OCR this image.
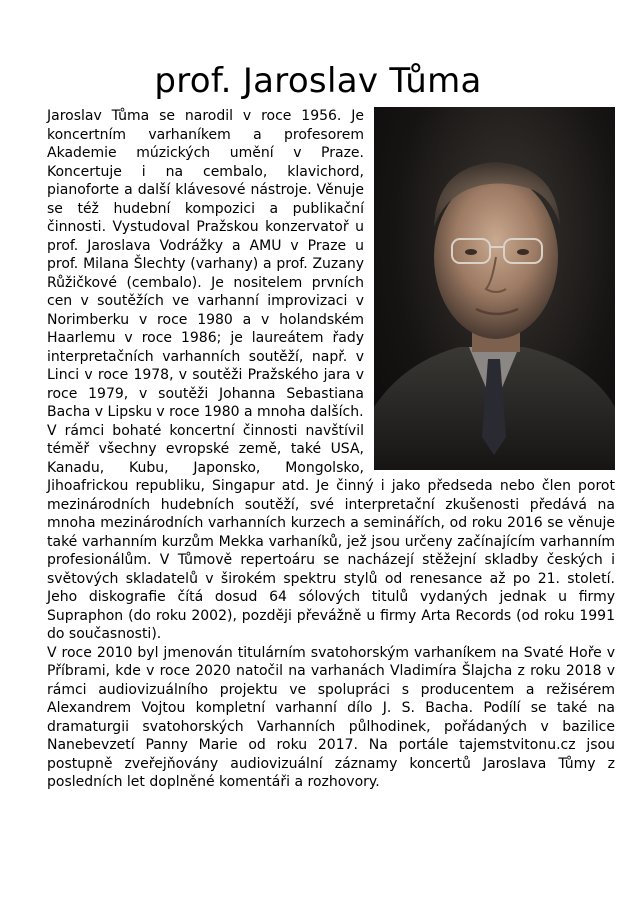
prof. Jaroslav Tůma

Jaroslav Tůma se narodil v roce 1956. Je koncertním varhaníkem a profesorem Akademie múzických umění v Praze. Koncertuje i na cembalo, klavichord, pianoforte a další klávesové nástroje. Věnuje se též hudební kompozici a publikační činnosti. Vystudoval Pražskou konzervatoř u prof. Jaroslava Vodrážky a AMU v Praze u prof. Milana Šlechty (varhany) a prof. Zuzany Růžičkové (cembalo). Je nositelem prvních cen v soutěžích ve varhanní improvizaci v Norimberku v roce 1980 a v holandském Haarlemu v roce 1986; je laureátem řady interpretačních varhanních soutěží, např. v Linci v roce 1978, v soutěži Pražského jara v roce 1979, v soutěži Johanna Sebastiana Bacha v Lipsku v roce 1980 a mnoha dalších.

V rámci bohaté koncertní činnosti navštívil téměř všechny evropské země, také USA, Kanadu, Kubu, Japonsko, Mongolsko, Jihoafrickou republiku, Singapur atd. Je činný i jako předseda nebo člen porot mezinárodních hudebních soutěží, své interpretační zkušenosti předává na mnoha mezinárodních varhanních kurzech a seminářích, od roku 2016 se věnuje také varhanním kurzům Mekka varhaníků, jež jsou určeny začínajícím varhanním profesionálům. V Tůmově repertoáru se nacházejí stěžejní skladby českých i světových skladatelů v širokém spektru stylů od renesance až po 21. století. Jeho diskografie čítá dosud 64 sólových titulů vydaných jednak u firmy Supraphon (do roku 2002), později převážně u firmy Arta Records (od roku 1991 do současnosti).

V roce 2010 byl jmenován titulárním svatohorským varhaníkem na Svaté Hoře v Příbrami, kde v roce 2020 natočil na varhanách Vladimíra Šlajcha z roku 2018 v rámci audiovizuálního projektu ve spolupráci s producentem a režisérem Alexandrem Vojtou kompletní varhanní dílo J. S. Bacha. Podílí se také na dramaturgii svatohorských Varhanních půlhodinek, pořádaných v bazilice Nanebevzetí Panny Marie od roku 2017. Na portále tajemstvitonu.cz jsou postupně zveřejňovány audiovizuální záznamy koncertů Jaroslava Tůmy z posledních let doplněné komentáři a rozhovory.
